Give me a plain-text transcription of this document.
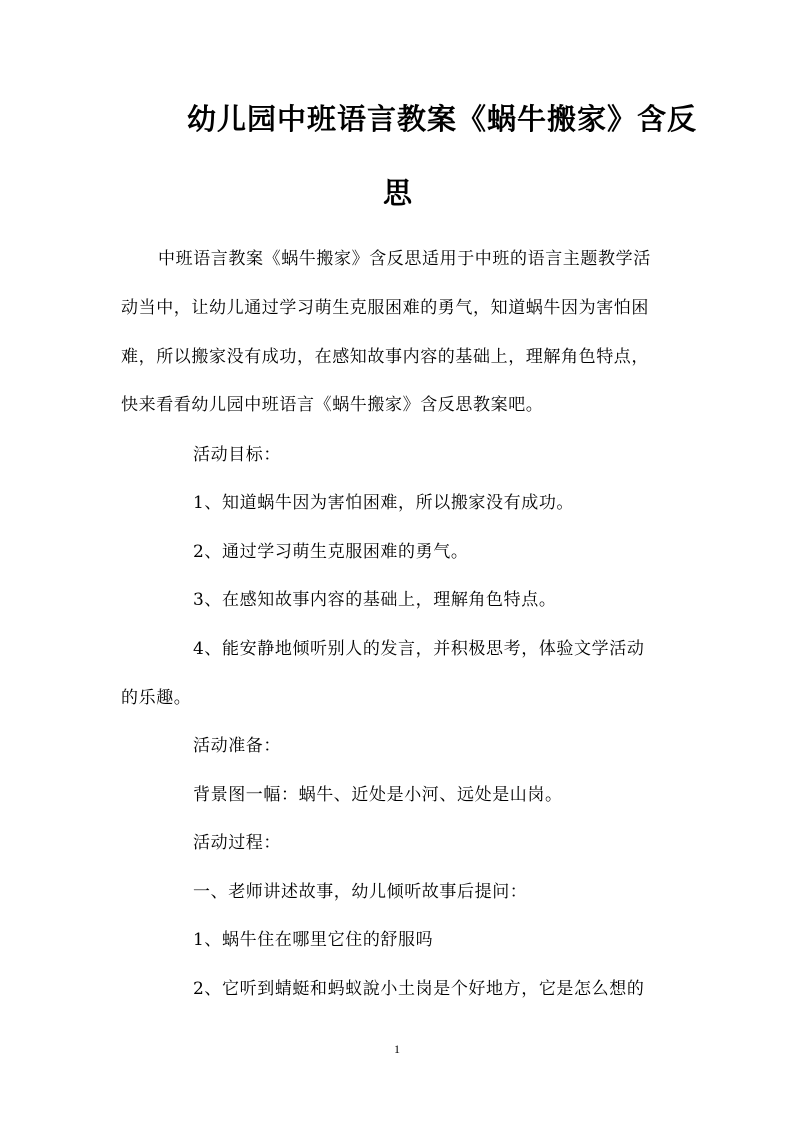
幼儿园中班语言教案《蜗牛搬家》含反
思
中班语言教案《蜗牛搬家》含反思适用于中班的语言主题教学活
动当中，让幼儿通过学习萌生克服困难的勇气，知道蜗牛因为害怕困
难，所以搬家没有成功，在感知故事内容的基础上，理解角色特点，
快来看看幼儿园中班语言《蜗牛搬家》含反思教案吧。
活动目标：
1、知道蜗牛因为害怕困难，所以搬家没有成功。
2、通过学习萌生克服困难的勇气。
3、在感知故事内容的基础上，理解角色特点。
4、能安静地倾听别人的发言，并积极思考，体验文学活动
的乐趣。
活动准备：
背景图一幅：蜗牛、近处是小河、远处是山岗。
活动过程：
一、老师讲述故事，幼儿倾听故事后提问：
1、蜗牛住在哪里它住的舒服吗
2、它听到蜻蜓和蚂蚁說小土岗是个好地方，它是怎么想的
1
